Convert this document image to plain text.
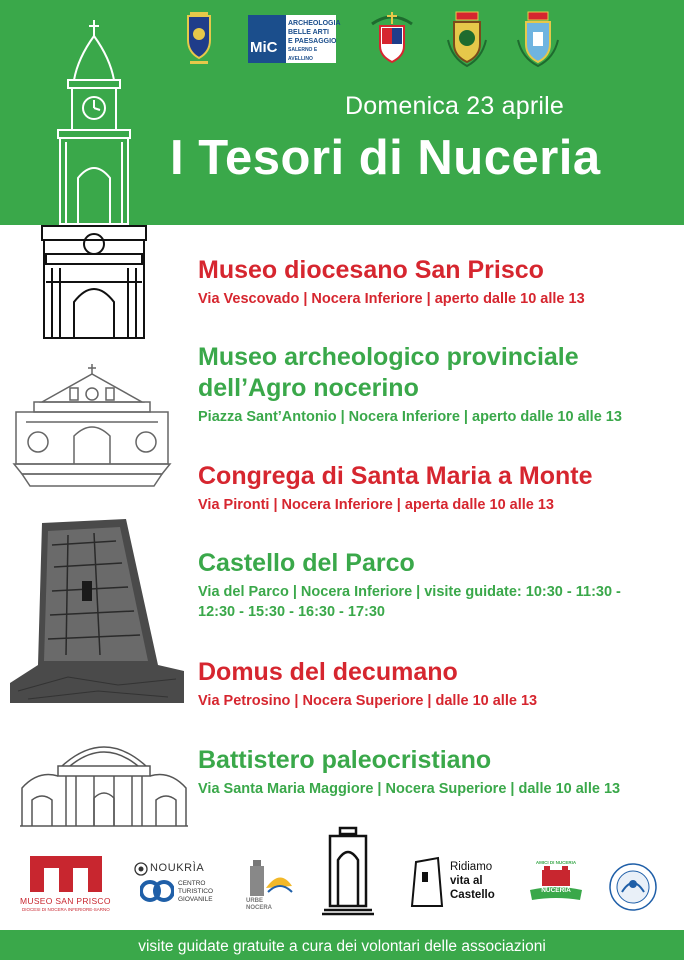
MiC
ARCHEOLOGIA
BELLE ARTI
E PAESAGGIO
SALERNO E AVELLINO
Domenica 23 aprile
I Tesori di Nuceria
Museo diocesano San Prisco
Via Vescovado | Nocera Inferiore | aperto dalle 10 alle 13
Museo archeologico provinciale
dell’Agro nocerino
Piazza Sant’Antonio | Nocera Inferiore | aperto dalle 10 alle 13
Congrega di Santa Maria a Monte
Via Pironti | Nocera Inferiore | aperta dalle 10 alle 13
Castello del Parco
Via del Parco | Nocera Inferiore | visite guidate: 10:30 - 11:30 -
12:30 - 15:30 - 16:30 - 17:30
Domus del decumano
Via Petrosino | Nocera Superiore | dalle 10 alle 13
Battistero paleocristiano
Via Santa Maria Maggiore | Nocera Superiore | dalle 10 alle 13
MUSEO SAN PRISCO
DIOCESI DI NOCERA INFERIORE-SARNO
NOUKRÌA
CENTRO
TURISTICO
GIOVANILE	URBE
NOCERA
Ridiamo
vita al
Castello
AMICI DI NUCERIA
NUCERIA
visite guidate gratuite a cura dei volontari delle associazioni
